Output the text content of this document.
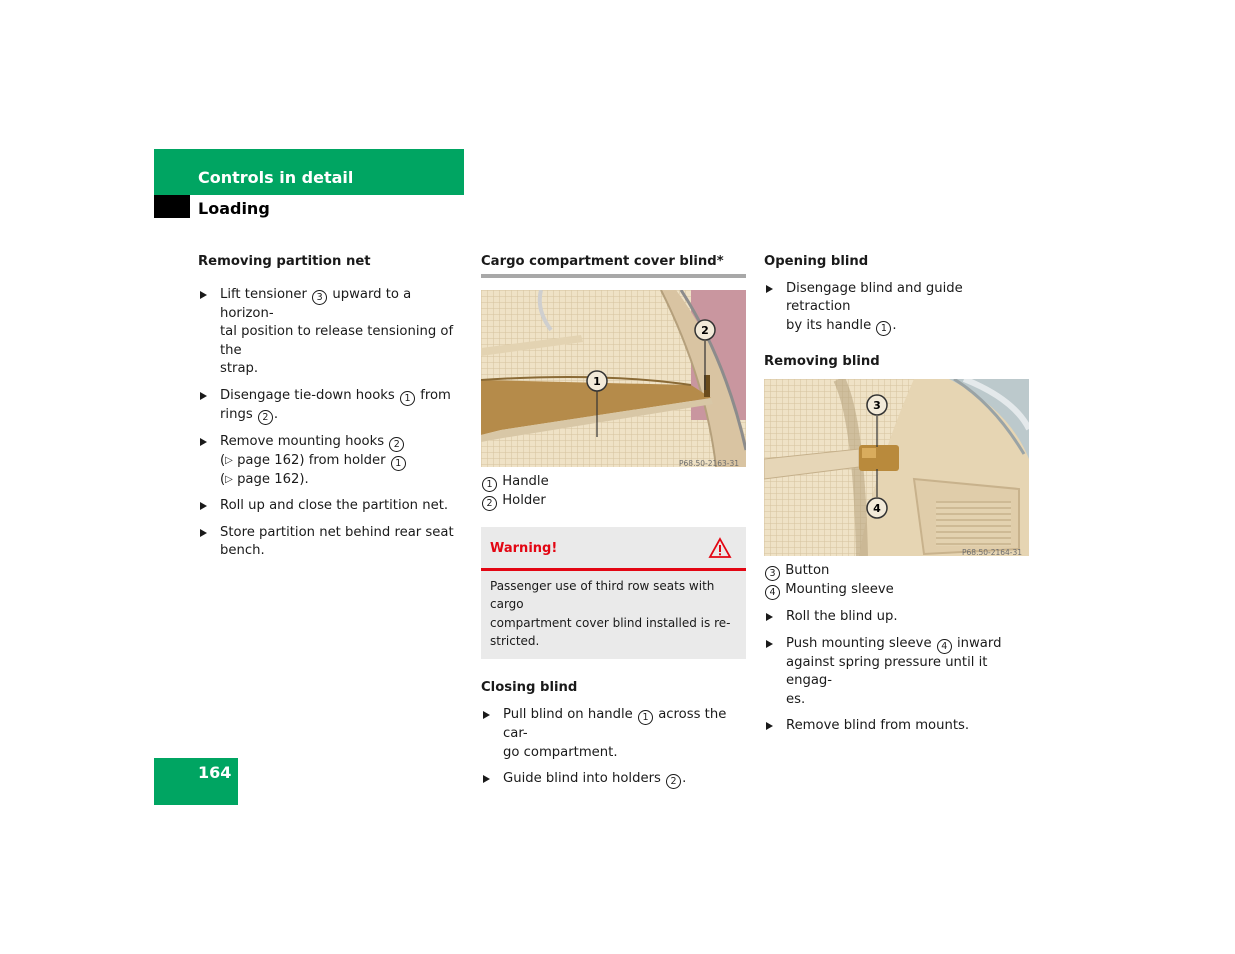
Controls in detail
Loading
Removing partition net
Lift tensioner 3 upward to a horizon-
tal position to release tensioning of the
strap.
Disengage tie-down hooks 1 from
rings 2 .
Remove mounting hooks 2
(▷ page 162) from holder 1
(▷ page 162).
Roll up and close the partition net.
Store partition net behind rear seat
bench.
Cargo compartment cover blind*
1
2
P68.50-2163-31
1 Handle
2 Holder
Warning!
Passenger use of third row seats with cargo
compartment cover blind installed is re-
stricted.
Closing blind
Pull blind on handle 1 across the car-
go compartment.
Guide blind into holders 2 .
Opening blind
Disengage blind and guide retraction
by its handle 1 .
Removing blind
3
4
P68.50-2164-31
3 Button
4 Mounting sleeve
Roll the blind up.
Push mounting sleeve 4 inward
against spring pressure until it engag-
es.
Remove blind from mounts.
164
